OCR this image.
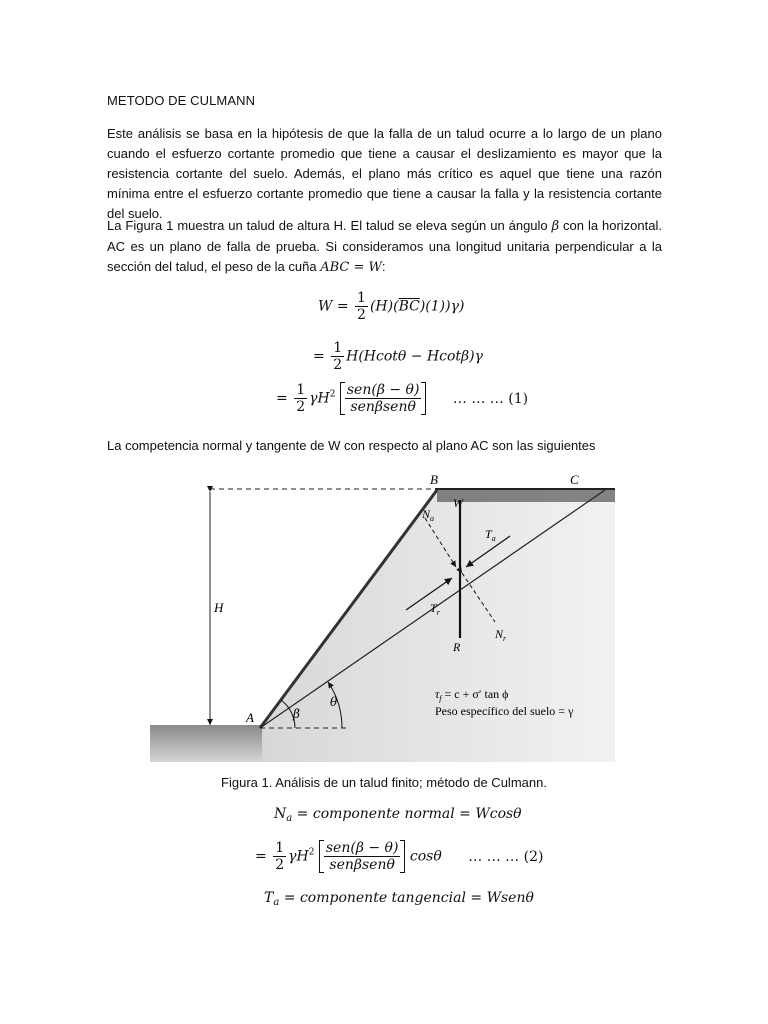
METODO DE CULMANN

Este análisis se basa en la hipótesis de que la falla de un talud ocurre a lo largo de un plano cuando el esfuerzo cortante promedio que tiene a causar el deslizamiento es mayor que la resistencia cortante del suelo. Además, el plano más crítico es aquel que tiene una razón mínima entre el esfuerzo cortante promedio que tiene a causar la falla y la resistencia cortante del suelo.

La Figura 1 muestra un talud de altura H. El talud se eleva según un ángulo β con la horizontal. AC es un plano de falla de prueba. Si consideramos una longitud unitaria perpendicular a la sección del talud, el peso de la cuña ABC = W:

$W = \frac{1}{2} (H)(\overline{BC})(1))\gamma$)
= $\frac{1}{2} H(Hcot\theta - Hcot\beta)\gamma$
= $\frac{1}{2} \gamma H^2 \frac{\text{sen(β − θ)}}{\text{senβsenθ}}$ … … … (1)

La competencia normal y tangente de W con respecto al plano AC son las siguientes

B	C
A
H
W
R
$N_a$
$T_a$
$T_r$
$N_r$
β
θ
$\tau_f = c + \sigma'$ tan ϕ
Peso específico del suelo = γ
Figura 1. Análisis de un talud finito; método de Culmann.
$N_a$ = componente normal = Wcosθ
= $\frac{1}{2} \gamma H^2 \frac{\text{sen(β − θ)}}{\text{senβsenθ}}$ cosθ … … … (2)
$T_a$ = componente tangencial = Wsenθ
